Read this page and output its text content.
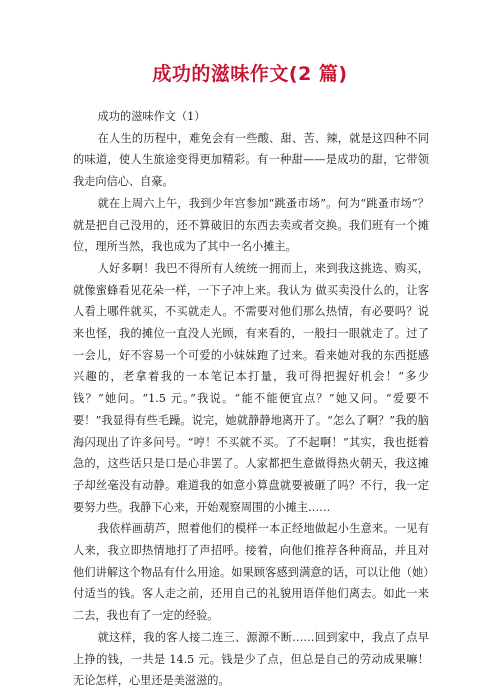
成功的滋味作文(2 篇)

成功的滋味作文（1）

在人生的历程中，难免会有一些酸、甜、苦、辣，就是这四种不同的味道，使人生旅途变得更加精彩。有一种甜——是成功的甜，它带领我走向信心、自豪。

就在上周六上午，我到少年宫参加“跳蚤市场”。何为“跳蚤市场”？就是把自己没用的，还不算破旧的东西去卖或者交换。我们班有一个摊位，理所当然，我也成为了其中一名小摊主。

人好多啊！我巴不得所有人统统一拥而上，来到我这挑选、购买，就像蜜蜂看见花朵一样，一下子冲上来。我认为 做买卖没什么的，让客人看上哪件就买，不买就走人。不需要对他们那么热情，有必要吗？说来也怪，我的摊位一直没人光顾，有来看的，一般扫一眼就走了。过了一会儿，好不容易一个可爱的小妹妹跑了过来。看来她对我的东西挺感兴趣的，老拿着我的一本笔记本打量，我可得把握好机会！“多少钱？”她问。“1.5 元。”我说。“能不能便宜点？”她又问。“爱要不要！”我显得有些毛躁。说完，她就静静地离开了。“怎么了啊？”我的脑海闪现出了许多问号。“哼！不买就不买。了不起啊！”其实，我也挺着急的，这些话只是口是心非罢了。人家都把生意做得热火朝天，我这摊子却丝毫没有动静。难道我的如意小算盘就要被砸了吗？不行，我一定要努力些。我静下心来，开始观察周围的小摊主……

我依样画葫芦，照着他们的模样一本正经地做起小生意来。一见有人来，我立即热情地打了声招呼。接着，向他们推荐各种商品，并且对他们讲解这个物品有什么用途。如果顾客感到满意的话，可以让他（她）付适当的钱。客人走之前，还用自己的礼貌用语佯他们离去。如此一来二去，我也有了一定的经验。

就这样，我的客人接二连三、源源不断……回到家中，我点了点早上挣的钱，一共是 14.5 元。钱是少了点，但总是自己的劳动成果嘛！无论怎样，心里还是美滋滋的。
